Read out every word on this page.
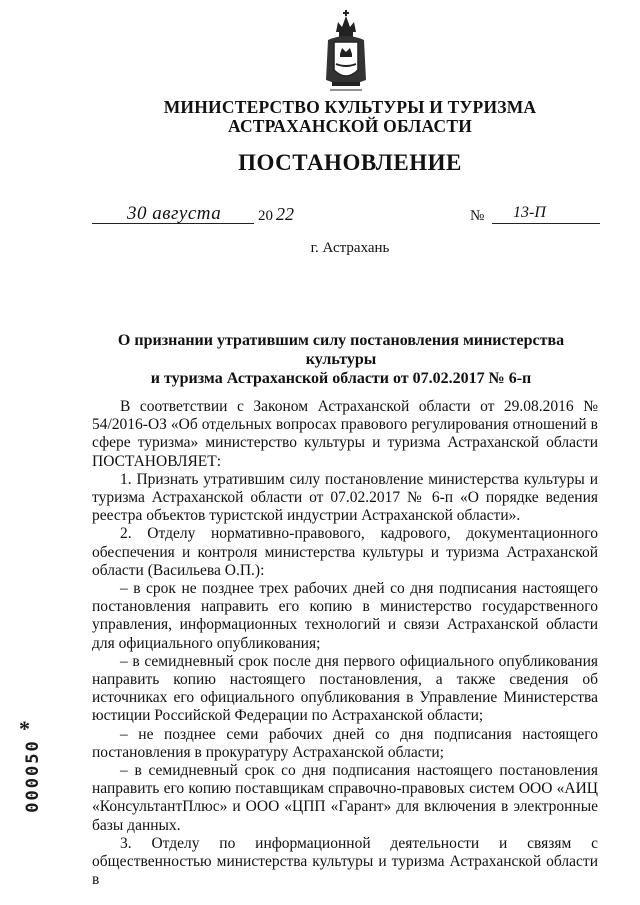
МИНИСТЕРСТВО КУЛЬТУРЫ И ТУРИЗМА
АСТРАХАНСКОЙ ОБЛАСТИ
ПОСТАНОВЛЕНИЕ
30 августа 20 22	№ 13-П
г. Астрахань
О признании утратившим силу постановления министерства культуры
и туризма Астраханской области от 07.02.2017 № 6-п

В соответствии с Законом Астраханской области от 29.08.2016 № 54/2016-ОЗ «Об отдельных вопросах правового регулирования отношений в сфере туризма» министерство культуры и туризма Астраханской области ПОСТАНОВЛЯЕТ:

1. Признать утратившим силу постановление министерства культуры и туризма Астраханской области от 07.02.2017 № 6-п «О порядке ведения реестра объектов туристской индустрии Астраханской области».

2. Отделу нормативно-правового, кадрового, документационного обеспечения и контроля министерства культуры и туризма Астраханской области (Васильева О.П.):

– в срок не позднее трех рабочих дней со дня подписания настоящего постановления направить его копию в министерство государственного управления, информационных технологий и связи Астраханской области для официального опубликования;

– в семидневный срок после дня первого официального опубликования направить копию настоящего постановления, а также сведения об источниках его официального опубликования в Управление Министерства юстиции Российской Федерации по Астраханской области;

– не позднее семи рабочих дней со дня подписания настоящего постановления в прокуратуру Астраханской области;

– в семидневный срок со дня подписания настоящего постановления направить его копию поставщикам справочно-правовых систем ООО «АИЦ «КонсультантПлюс» и ООО «ЦПП «Гарант» для включения в электронные базы данных.

3. Отделу по информационной деятельности и связям с общественностью министерства культуры и туризма Астраханской области в

*
000050
